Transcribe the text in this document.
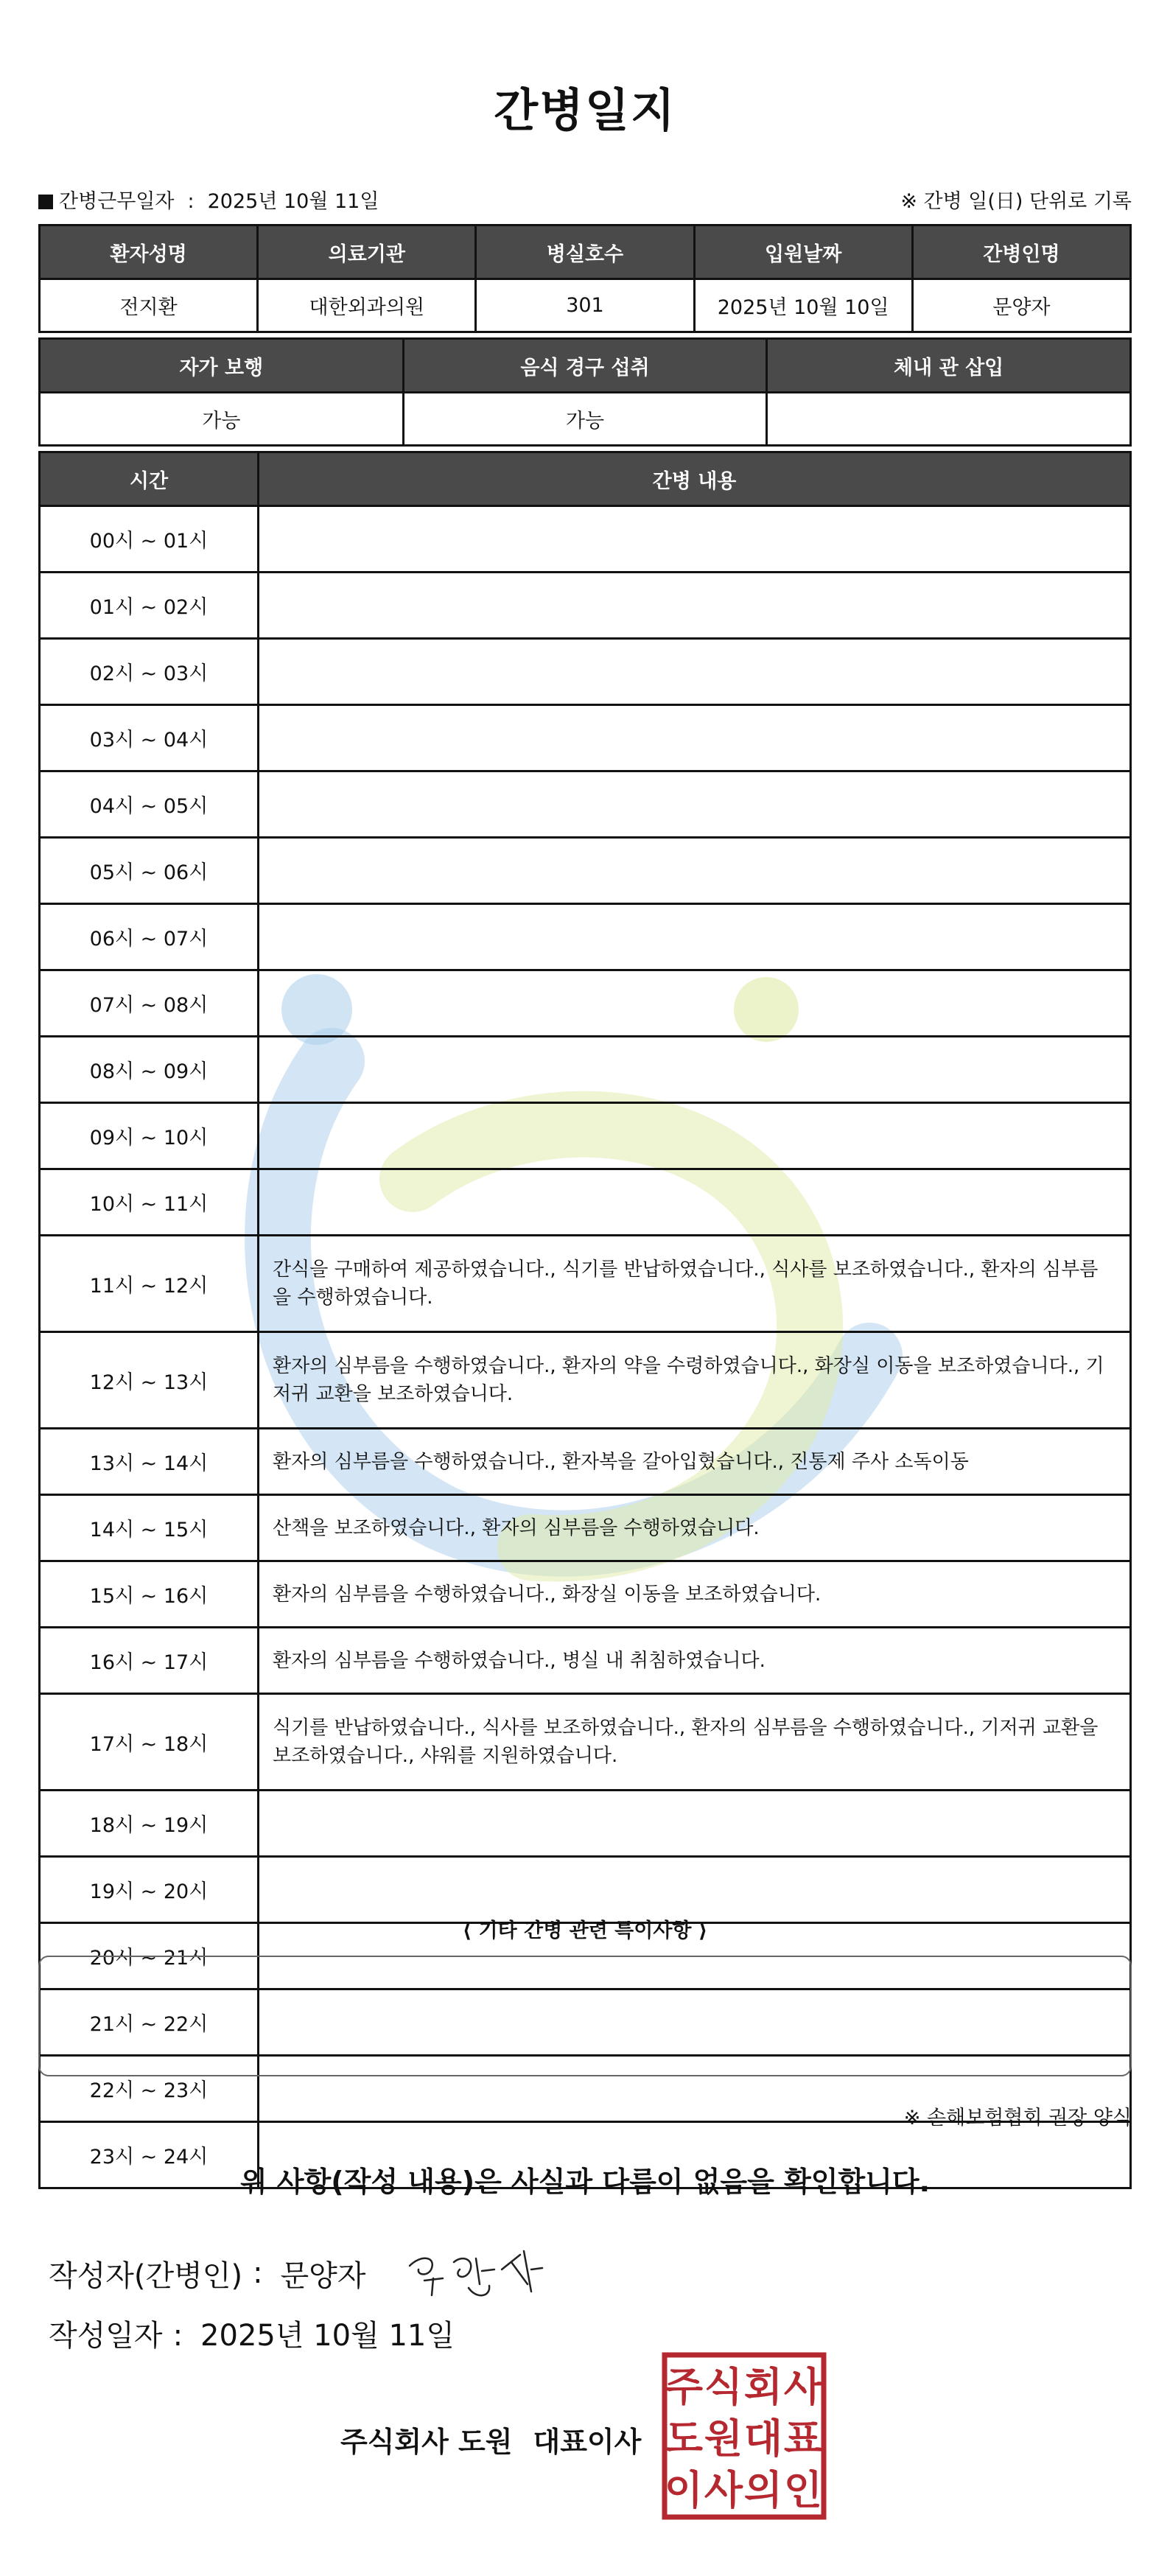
간병일지
간병근무일자 : 2025년 10월 11일	※ 간병 일(日) 단위로 기록
환자성명	의료기관	병실호수	입원날짜	간병인명
전지환	대한외과의원	301	2025년 10월 10일	문양자
자가 보행	음식 경구 섭취	체내 관 삽입
가능	가능	
시간	간병 내용
00시 ~ 01시	
01시 ~ 02시	
02시 ~ 03시	
03시 ~ 04시	
04시 ~ 05시	
05시 ~ 06시	
06시 ~ 07시	
07시 ~ 08시	
08시 ~ 09시	
09시 ~ 10시	
10시 ~ 11시	
11시 ~ 12시	간식을 구매하여 제공하였습니다., 식기를 반납하였습니다., 식사를 보조하였습니다., 환자의 심부름을 수행하였습니다.
12시 ~ 13시	환자의 심부름을 수행하였습니다., 환자의 약을 수령하였습니다., 화장실 이동을 보조하였습니다., 기저귀 교환을 보조하였습니다.
13시 ~ 14시	환자의 심부름을 수행하였습니다., 환자복을 갈아입혔습니다., 진통제 주사 소독이동
14시 ~ 15시	산책을 보조하였습니다., 환자의 심부름을 수행하였습니다.
15시 ~ 16시	환자의 심부름을 수행하였습니다., 화장실 이동을 보조하였습니다.
16시 ~ 17시	환자의 심부름을 수행하였습니다., 병실 내 취침하였습니다.
17시 ~ 18시	식기를 반납하였습니다., 식사를 보조하였습니다., 환자의 심부름을 수행하였습니다., 기저귀 교환을 보조하였습니다., 샤워를 지원하였습니다.
18시 ~ 19시	
19시 ~ 20시	
20시 ~ 21시	
21시 ~ 22시	
22시 ~ 23시	
23시 ~ 24시	
⟨ 기타 간병 관련 특이사항 ⟩
※ 손해보험협회 권장 양식
위 사항(작성 내용)은 사실과 다름이 없음을 확인합니다.
작성자(간병인) : 문양자
작성일자 : 2025년 10월 11일
주식회사 도원 대표이사
주 식 회 사
도 원 대 표
이 사 의 인
